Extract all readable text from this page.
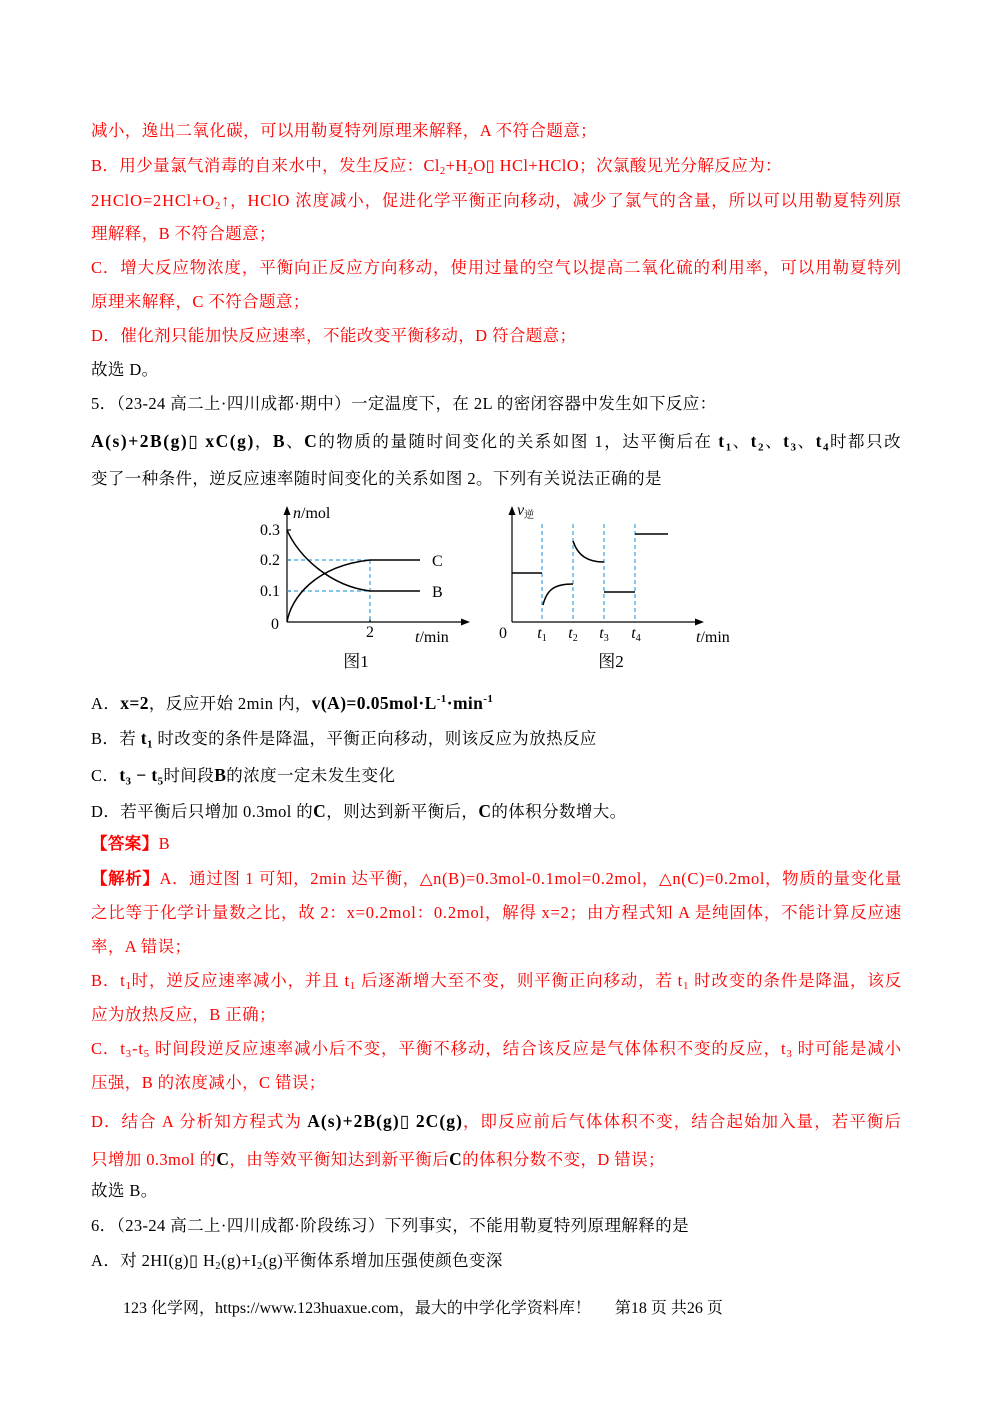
减小，逸出二氧化碳，可以用勒夏特列原理来解释，A 不符合题意；
B．用少量氯气消毒的自来水中，发生反应：$Cl_2+H_2O▯$ HCl+HClO；次氯酸见光分解反应为：
$2HClO=2HCl+O_2↑$，HClO 浓度减小，促进化学平衡正向移动，减少了氯气的含量，所以可以用勒夏特列原
理解释，B 不符合题意；
C．增大反应物浓度，平衡向正反应方向移动，使用过量的空气以提高二氧化硫的利用率，可以用勒夏特列
原理来解释，C 不符合题意；
D．催化剂只能加快反应速率，不能改变平衡移动，D 符合题意；
故选 D。
5．（23-24 高二上·四川成都·期中）一定温度下，在 2L 的密闭容器中发生如下反应：
A(s)+2B(g)▯ xC(g)，B、C的物质的量随时间变化的关系如图 1，达平衡后在 t1、t2、t3、t4时都只改
变了一种条件，逆反应速率随时间变化的关系如图 2。下列有关说法正确的是
n/mol
0.3
0.2
0.1
0	2	t/min
C
B
图1
v逆
0 t1 t2 t3 t4	t/min
图2
A．x=2，反应开始 2min 内，$v(A)=0.05mol\cdot L^{-1}\cdot\min^{-1}$
B．若 t1 时改变的条件是降温，平衡正向移动，则该反应为放热反应
C．t3 − t5时间段B的浓度一定未发生变化
D．若平衡后只增加 0.3mol 的C，则达到新平衡后，C的体积分数增大。
【答案】B
【解析】A．通过图 1 可知，2min 达平衡，△n(B)=0.3mol-0.1mol=0.2mol，△n(C)=0.2mol，物质的量变化量
之比等于化学计量数之比，故 2：x=0.2mol：0.2mol，解得 x=2；由方程式知 A 是纯固体，不能计算反应速
率，A 错误；
B．$t_1$时，逆反应速率减小，并且 $t_1$ 后逐渐增大至不变，则平衡正向移动，若 $t_1$ 时改变的条件是降温，该反
应为放热反应，B 正确；
C．$t_3-t_5$ 时间段逆反应速率减小后不变，平衡不移动，结合该反应是气体体积不变的反应，$t_3$ 时可能是减小
压强，B 的浓度减小，C 错误；
D．结合 A 分析知方程式为 A(s)+2B(g)▯ 2C(g)，即反应前后气体体积不变，结合起始加入量，若平衡后
只增加 0.3mol 的C，由等效平衡知达到新平衡后C的体积分数不变，D 错误；
故选 B。
6．（23-24 高二上·四川成都·阶段练习）下列事实，不能用勒夏特列原理解释的是
A．对 2HI(g)▯ $H_2(g)+I_2(g)$平衡体系增加压强使颜色变深
123 化学网，https://www.123huaxue.com，最大的中学化学资料库！ 第18 页 共26 页
